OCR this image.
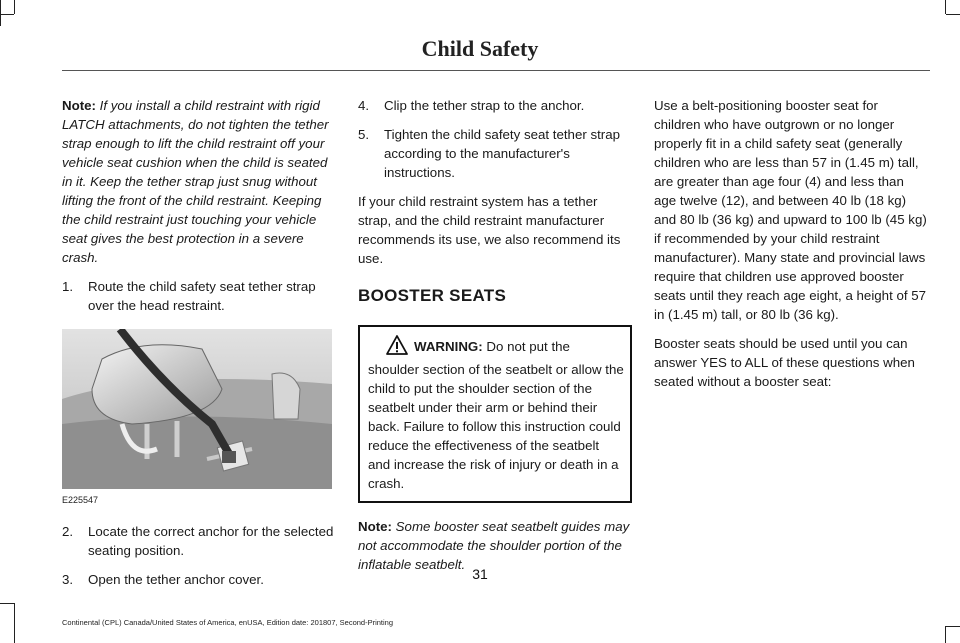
Child Safety

Note: If you install a child restraint with rigid LATCH attachments, do not tighten the tether strap enough to lift the child restraint off your vehicle seat cushion when the child is seated in it. Keep the tether strap just snug without lifting the front of the child restraint. Keeping the child restraint just touching your vehicle seat gives the best protection in a severe crash.

1.	Route the child safety seat tether strap over the head restraint.
E225547
2.	Locate the correct anchor for the selected seating position.
3.	Open the tether anchor cover.
4.	Clip the tether strap to the anchor.
5.	Tighten the child safety seat tether strap according to the manufacturer's instructions.

If your child restraint system has a tether strap, and the child restraint manufacturer recommends its use, we also recommend its use.

BOOSTER SEATS
WARNING: Do not put the shoulder section of the seatbelt or allow the child to put the shoulder section of the seatbelt under their arm or behind their back. Failure to follow this instruction could reduce the effectiveness of the seatbelt and increase the risk of injury or death in a crash.

Note: Some booster seat seatbelt guides may not accommodate the shoulder portion of the inflatable seatbelt.

Use a belt-positioning booster seat for children who have outgrown or no longer properly fit in a child safety seat (generally children who are less than 57 in (1.45 m) tall, are greater than age four (4) and less than age twelve (12), and between 40 lb (18 kg) and 80 lb (36 kg) and upward to 100 lb (45 kg) if recommended by your child restraint manufacturer). Many state and provincial laws require that children use approved booster seats until they reach age eight, a height of 57 in (1.45 m) tall, or 80 lb (36 kg).

Booster seats should be used until you can answer YES to ALL of these questions when seated without a booster seat:

31
Continental (CPL) Canada/United States of America, enUSA, Edition date: 201807, Second-Printing
